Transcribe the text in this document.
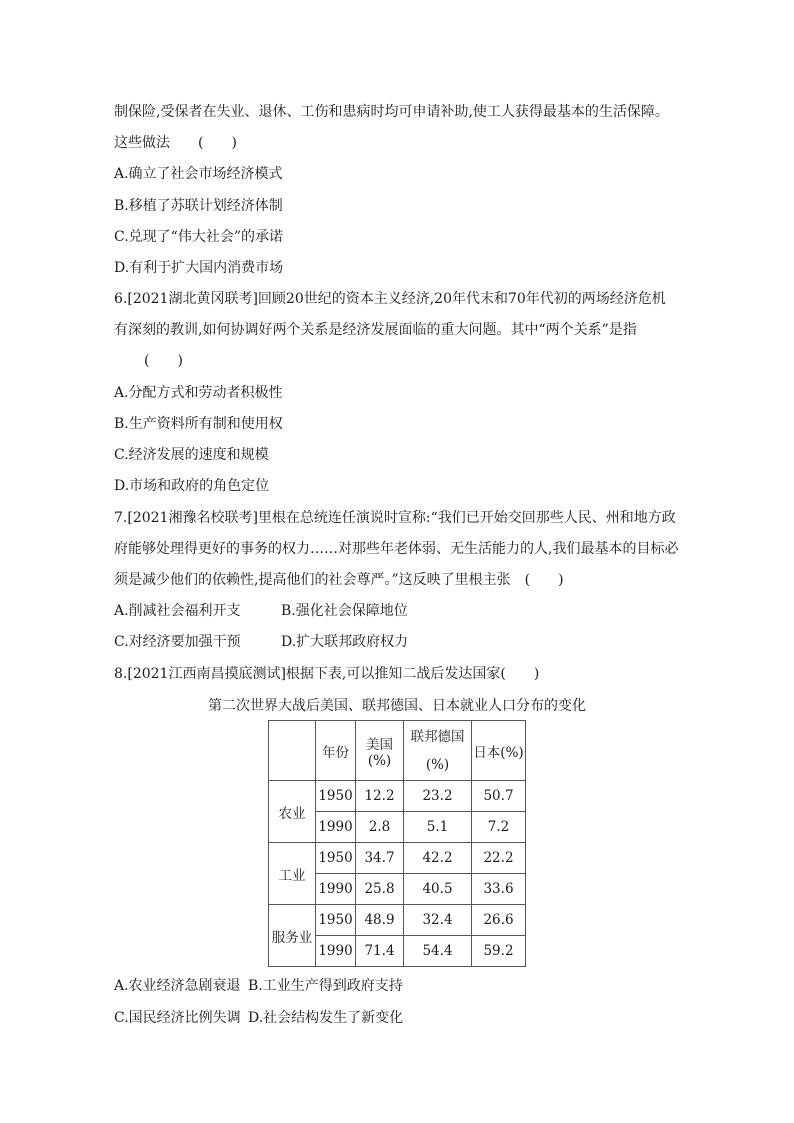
制保险,受保者在失业、退休、工伤和患病时均可申请补助,使工人获得最基本的生活保障。
这些做法　　(　　)
A.确立了社会市场经济模式
B.移植了苏联计划经济体制
C.兑现了“伟大社会”的承诺
D.有利于扩大国内消费市场
6.[2021湖北黄冈联考]回顾20世纪的资本主义经济,20年代末和70年代初的两场经济危机
有深刻的教训,如何协调好两个关系是经济发展面临的重大问题。其中“两个关系”是指
(　　)
A.分配方式和劳动者积极性
B.生产资料所有制和使用权
C.经济发展的速度和规模
D.市场和政府的角色定位
7.[2021湘豫名校联考]里根在总统连任演说时宣称:“我们已开始交回那些人民、州和地方政
府能够处理得更好的事务的权力……对那些年老体弱、无生活能力的人,我们最基本的目标必
须是减少他们的依赖性,提高他们的社会尊严。”这反映了里根主张　(　　)
A.削减社会福利开支	B.强化社会保障地位
C.对经济要加强干预	D.扩大联邦政府权力
8.[2021江西南昌摸底测试]根据下表,可以推知二战后发达国家(　　)
第二次世界大战后美国、联邦德国、日本就业人口分布的变化
	年份	美国(%)	联邦德国(%)	日本(%)
农业	1950	12.2	23.2	50.7
	1990	2.8	5.1	7.2
工业	1950	34.7	42.2	22.2
	1990	25.8	40.5	33.6
服务业	1950	48.9	32.4	26.6
	1990	71.4	54.4	59.2
A.农业经济急剧衰退 B.工业生产得到政府支持
C.国民经济比例失调 D.社会结构发生了新变化
